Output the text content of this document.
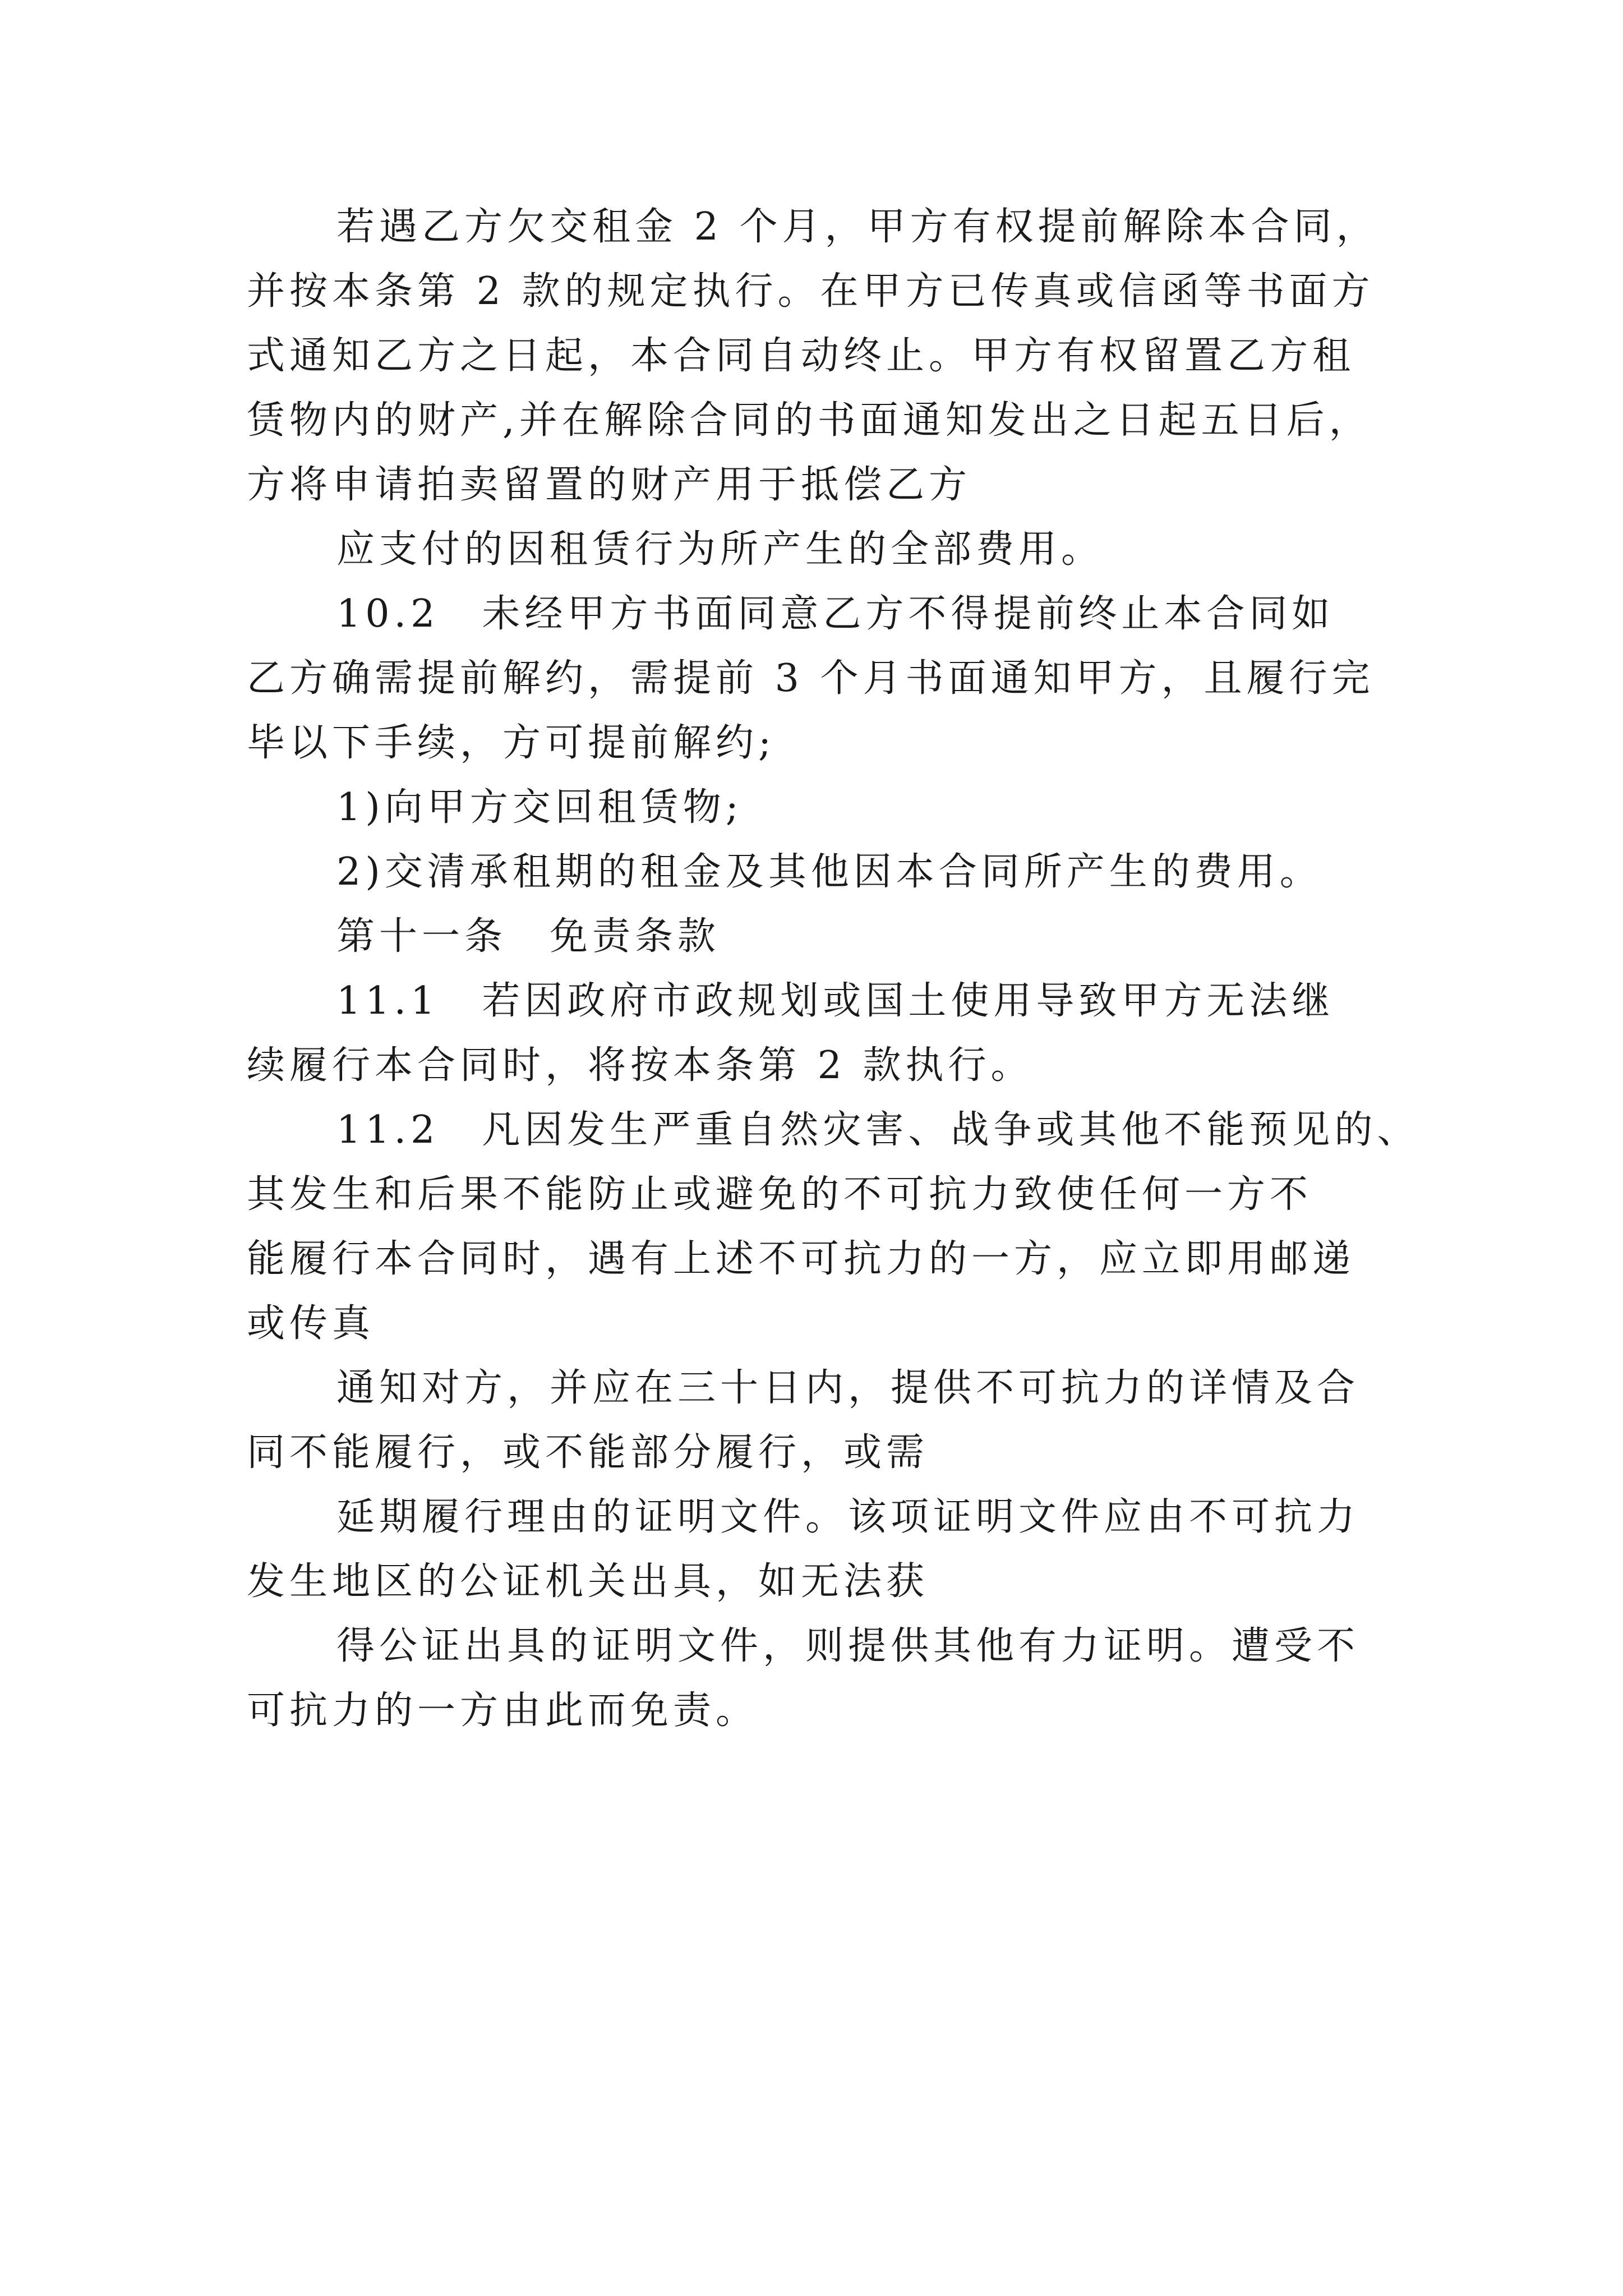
若遇乙方欠交租金 2 个月，甲方有权提前解除本合同，
并按本条第 2 款的规定执行。在甲方已传真或信函等书面方
式通知乙方之日起，本合同自动终止。甲方有权留置乙方租
赁物内的财产,并在解除合同的书面通知发出之日起五日后，
方将申请拍卖留置的财产用于抵偿乙方
应支付的因租赁行为所产生的全部费用。
10.2　未经甲方书面同意乙方不得提前终止本合同如
乙方确需提前解约，需提前 3 个月书面通知甲方，且履行完
毕以下手续，方可提前解约;
1)向甲方交回租赁物;
2)交清承租期的租金及其他因本合同所产生的费用。
第十一条　免责条款
11.1　若因政府市政规划或国土使用导致甲方无法继
续履行本合同时，将按本条第 2 款执行。
11.2　凡因发生严重自然灾害、战争或其他不能预见的、
其发生和后果不能防止或避免的不可抗力致使任何一方不
能履行本合同时，遇有上述不可抗力的一方，应立即用邮递
或传真
通知对方，并应在三十日内，提供不可抗力的详情及合
同不能履行，或不能部分履行，或需
延期履行理由的证明文件。该项证明文件应由不可抗力
发生地区的公证机关出具，如无法获
得公证出具的证明文件，则提供其他有力证明。遭受不
可抗力的一方由此而免责。
